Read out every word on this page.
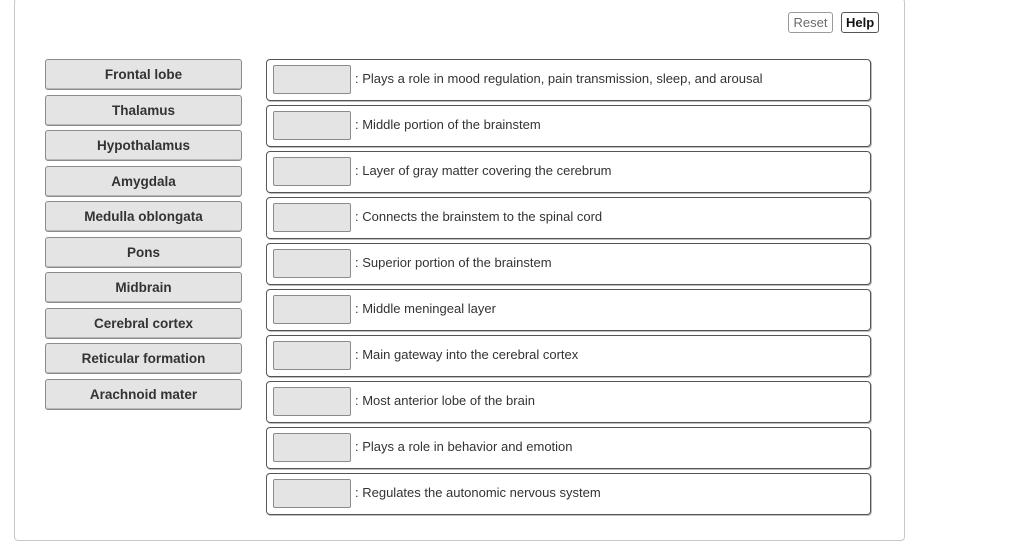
Reset	Help
Frontal lobe
Thalamus
Hypothalamus
Amygdala
Medulla oblongata
Pons
Midbrain
Cerebral cortex
Reticular formation
Arachnoid mater
: Plays a role in mood regulation, pain transmission, sleep, and arousal
: Middle portion of the brainstem
: Layer of gray matter covering the cerebrum
: Connects the brainstem to the spinal cord
: Superior portion of the brainstem
: Middle meningeal layer
: Main gateway into the cerebral cortex
: Most anterior lobe of the brain
: Plays a role in behavior and emotion
: Regulates the autonomic nervous system
